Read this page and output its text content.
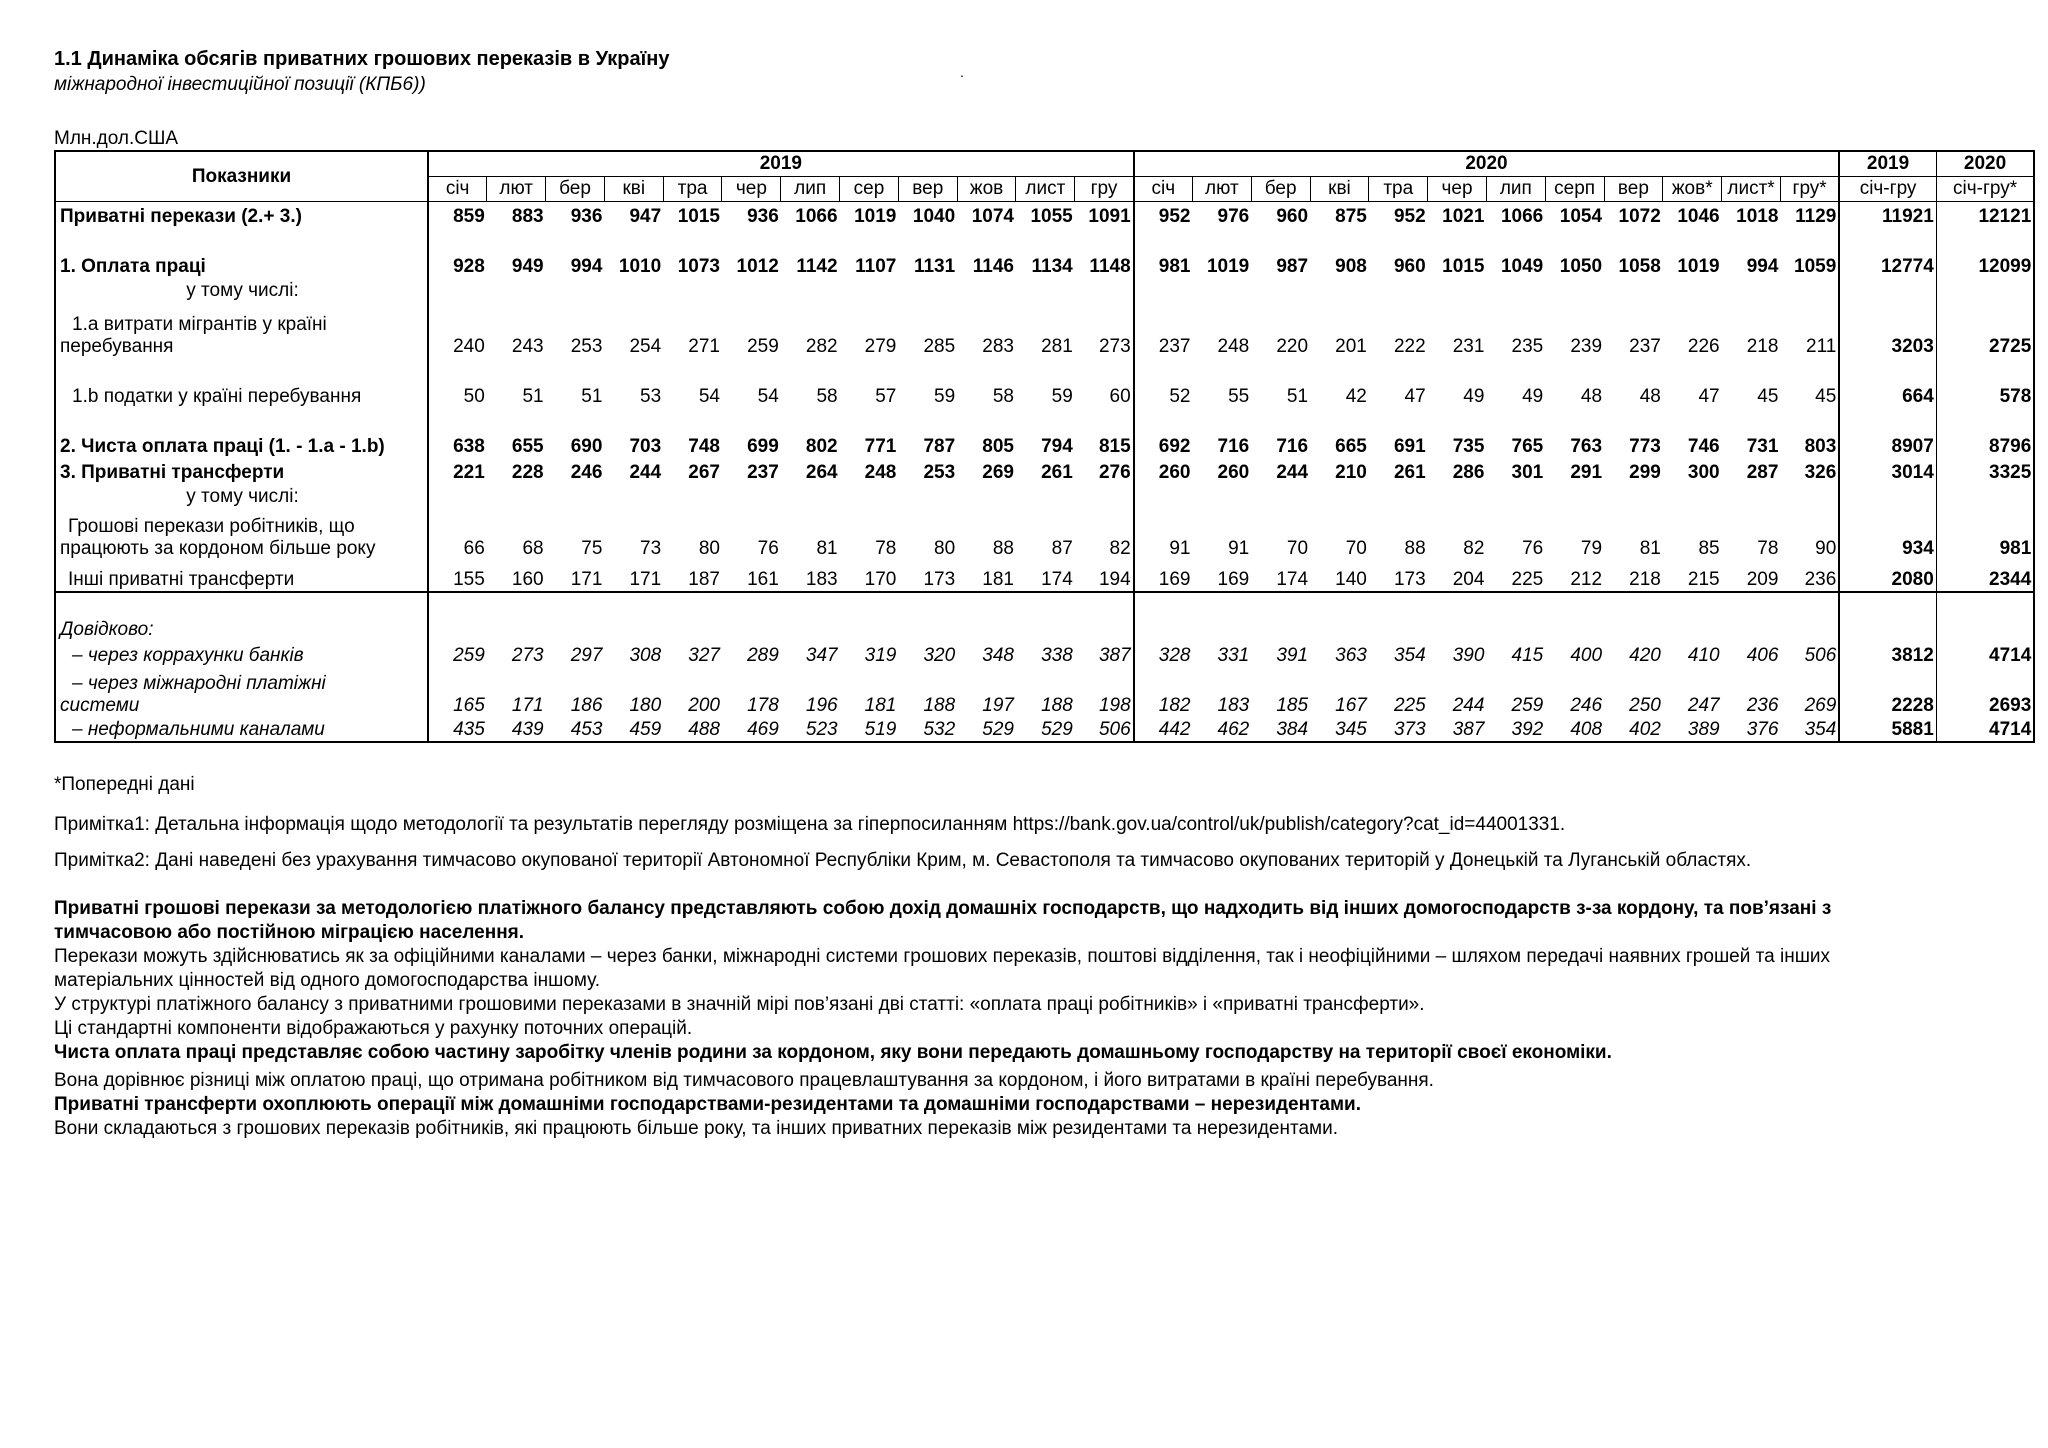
.
1.1 Динаміка обсягів приватних грошових переказів в Україну
міжнародної інвестиційної позиції (КПБ6))
Млн.дол.США
Показники	2019												2020												2019	2020
	січ	лют	бер	кві	тра	чер	лип	сер	вер	жов	лист	гру	січ	лют	бер	кві	тра	чер	лип	серп	вер	жов*	лист*	гру*	січ-гру	січ-гру*
Приватні перекази (2.+ 3.)	859	883	936	947	1015	936	1066	1019	1040	1074	1055	1091	952	976	960	875	952	1021	1066	1054	1072	1046	1018	1129	11921	12121

1. Оплата праці	928	949	994	1010	1073	1012	1142	1107	1131	1146	1134	1148	981	1019	987	908	960	1015	1049	1050	1058	1019	994	1059	12774	12099
у тому числі:																										

1.а витрати мігрантів у країні
перебування	240	243	253	254	271	259	282	279	285	283	281	273	237	248	220	201	222	231	235	239	237	226	218	211	3203	2725

1.b податки у країні перебування	50	51	51	53	54	54	58	57	59	58	59	60	52	55	51	42	47	49	49	48	48	47	45	45	664	578

2. Чиста оплата праці (1. - 1.а - 1.b)	638	655	690	703	748	699	802	771	787	805	794	815	692	716	716	665	691	735	765	763	773	746	731	803	8907	8796
3. Приватні трансферти	221	228	246	244	267	237	264	248	253	269	261	276	260	260	244	210	261	286	301	291	299	300	287	326	3014	3325
у тому числі:																										

Грошові перекази робітників, що
працюють за кордоном більше року	66	68	75	73	80	76	81	78	80	88	87	82	91	91	70	70	88	82	76	79	81	85	78	90	934	981
Інші приватні трансферти	155	160	171	171	187	161	183	170	173	181	174	194	169	169	174	140	173	204	225	212	218	215	209	236	2080	2344

Довідково:																										
– через коррахунки банків	259	273	297	308	327	289	347	319	320	348	338	387	328	331	391	363	354	390	415	400	420	410	406	506	3812	4714

– через міжнародні платіжні
системи	165	171	186	180	200	178	196	181	188	197	188	198	182	183	185	167	225	244	259	246	250	247	236	269	2228	2693
– неформальними каналами	435	439	453	459	488	469	523	519	532	529	529	506	442	462	384	345	373	387	392	408	402	389	376	354	5881	4714

*Попередні дані

Примітка1: Детальна інформація щодо методології та результатів перегляду розміщена за гіперпосиланням https://bank.gov.ua/control/uk/publish/category?cat_id=44001331.

Примітка2: Дані наведені без урахування тимчасово окупованої території Автономної Республіки Крим, м. Севастополя та тимчасово окупованих територій у Донецькій та Луганській областях.

Приватні грошові перекази за методологією платіжного балансу представляють собою дохід домашніх господарств, що надходить від інших домогосподарств з-за кордону, та пов’язані з тимчасовою або постійною міграцією населення.

Перекази можуть здійснюватись як за офіційними каналами – через банки, міжнародні системи грошових переказів, поштові відділення, так і неофіційними – шляхом передачі наявних грошей та інших матеріальних цінностей від одного домогосподарства іншому.

У структурі платіжного балансу з приватними грошовими переказами в значній мірі пов’язані дві статті: «оплата праці робітників» і «приватні трансферти».

Ці стандартні компоненти відображаються у рахунку поточних операцій.

Чиста оплата праці представляє собою частину заробітку членів родини за кордоном, яку вони передають домашньому господарству на території своєї економіки.

Вона дорівнює різниці між оплатою праці, що отримана робітником від тимчасового працевлаштування за кордоном, і його витратами в країні перебування.

Приватні трансферти охоплюють операції між домашніми господарствами-резидентами та домашніми господарствами – нерезидентами.

Вони складаються з грошових переказів робітників, які працюють більше року, та інших приватних переказів між резидентами та нерезидентами.
